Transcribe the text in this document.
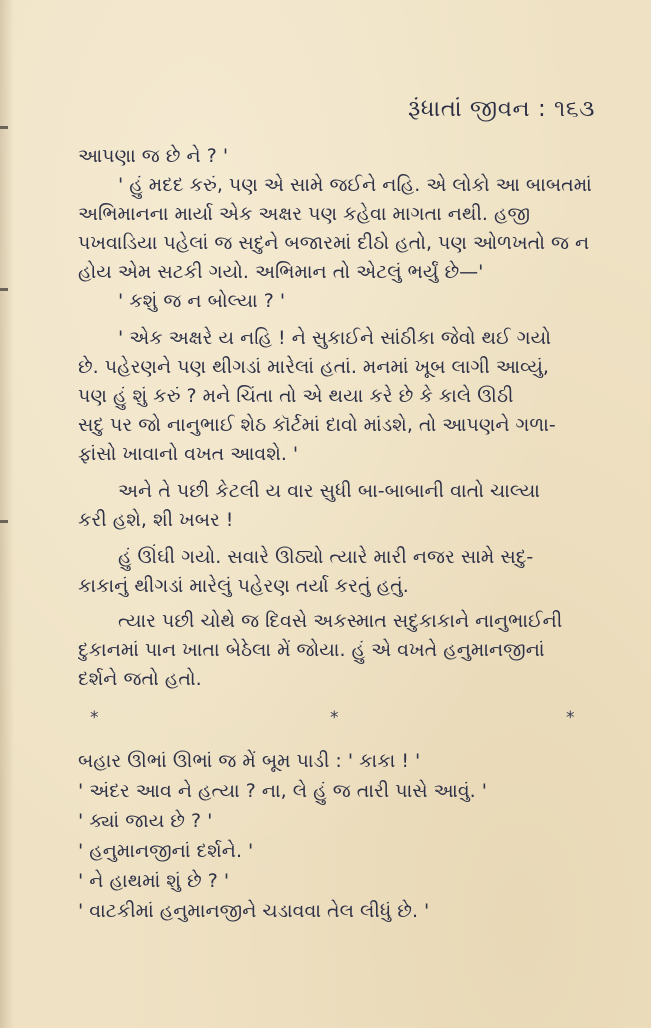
રૂંધાતાં જીવન : ૧૬૩
આપણા જ છે ને ? '
' હું મદદ કરું, પણ એ સામે જઈને નહિ. એ લોકો આ બાબતમાં
અભિમાનના માર્યા એક અક્ષર પણ કહેવા માગતા નથી. હજી
પખવાડિયા પહેલાં જ સદુને બજારમાં દીઠો હતો, પણ ઓળખતો જ ન
હોય એમ સટકી ગયો. અભિમાન તો એટલું ભર્યું છે—'
' કશું જ ન બોલ્યા ? '
' એક અક્ષરે ય નહિ ! ને સુકાઈને સાંઠીકા જેવો થઈ ગયો
છે. પહેરણને પણ થીગડાં મારેલાં હતાં. મનમાં ખૂબ લાગી આવ્યું,
પણ હું શું કરું ? મને ચિંતા તો એ થયા કરે છે કે કાલે ઊઠી
સદુ પર જો નાનુભાઈ શેઠ કૉર્ટમાં દાવો માંડશે, તો આપણને ગળા-
ફાંસો ખાવાનો વખત આવશે. '
અને તે પછી કેટલી ય વાર સુધી બા-બાબાની વાતો ચાલ્યા
કરી હશે, શી ખબર !
હું ઊંઘી ગયો. સવારે ઊઠ્યો ત્યારે મારી નજર સામે સદુ-
કાકાનું થીગડાં મારેલું પહેરણ તર્યા કરતું હતું.
ત્યાર પછી ચોથે જ દિવસે અકસ્માત સદુકાકાને નાનુભાઈની
દુકાનમાં પાન ખાતા બેઠેલા મેં જોયા. હું એ વખતે હનુમાનજીનાં
દર્શને જતો હતો.
*	*	*
બહાર ઊભાં ઊભાં જ મેં બૂમ પાડી : ' કાકા ! '
' અંદર આવ ને હત્યા ? ના, લે હું જ તારી પાસે આવું. '
' ક્યાં જાય છે ? '
' હનુમાનજીનાં દર્શને. '
' ને હાથમાં શું છે ? '
' વાટકીમાં હનુમાનજીને ચડાવવા તેલ લીધું છે. '
